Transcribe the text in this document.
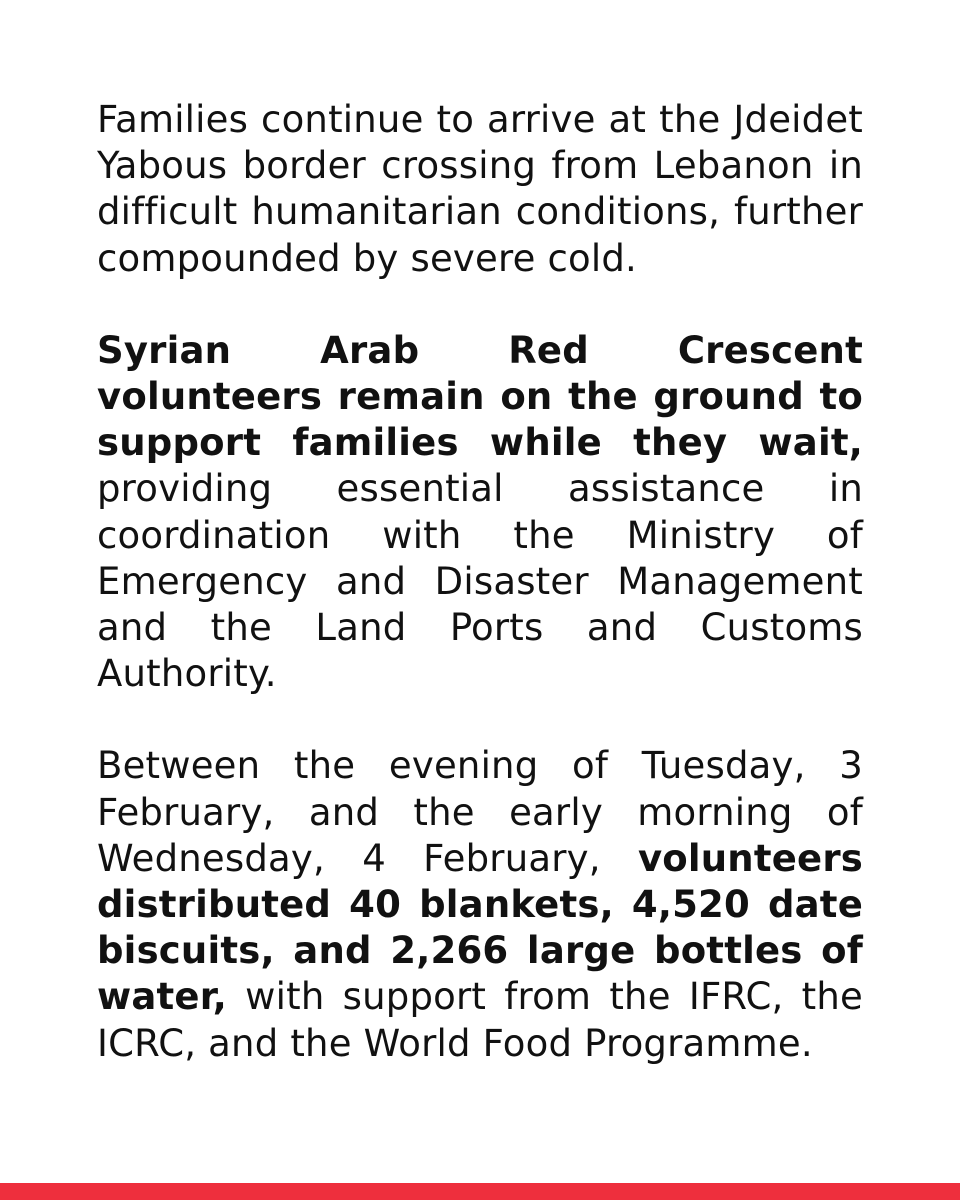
Families continue to arrive at the Jdeidet Yabous border crossing from Lebanon in difficult humanitarian conditions, further compounded by severe cold.

Syrian Arab Red Crescent volunteers remain on the ground to support families while they wait, providing essential assistance in coordination with the Ministry of Emergency and Disaster Management and the Land Ports and Customs Authority.

Between the evening of Tuesday, 3 February, and the early morning of Wednesday, 4 February, volunteers distributed 40 blankets, 4,520 date biscuits, and 2,266 large bottles of water, with support from the IFRC, the ICRC, and the World Food Programme.
